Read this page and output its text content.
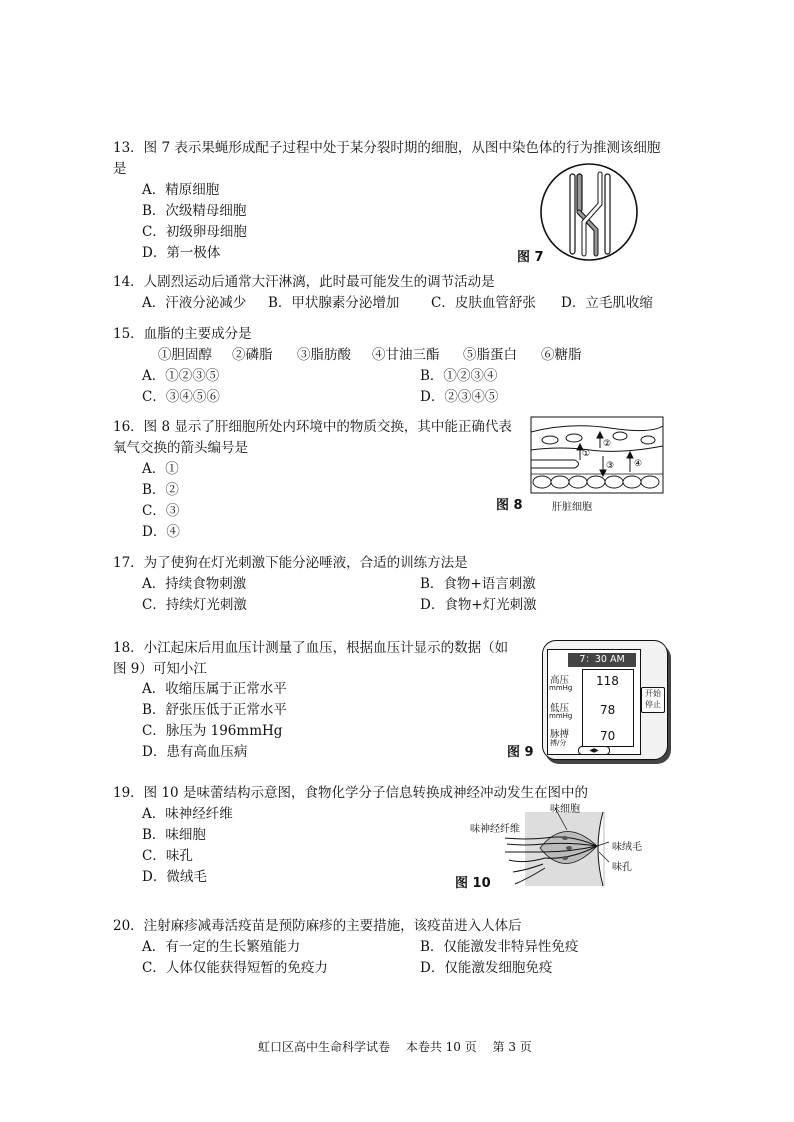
13．图 7 表示果蝇形成配子过程中处于某分裂时期的细胞，从图中染色体的行为推测该细胞
是
A．精原细胞
B．次级精母细胞
C．初级卵母细胞
D．第一极体	图 7
14．人剧烈运动后通常大汗淋漓，此时最可能发生的调节活动是
A．汗液分泌减少 B．甲状腺素分泌增加 C．皮肤血管舒张 D．立毛肌收缩
15．血脂的主要成分是
①胆固醇 ②磷脂 ③脂肪酸 ④甘油三酯 ⑤脂蛋白 ⑥糖脂
A．①②③⑤	B．①②③④
C．③④⑤⑥	D．②③④⑤
16．图 8 显示了肝细胞所处内环境中的物质交换，其中能正确代表
氧气交换的箭头编号是
A．①
B．②
C．③
D．④
①
②
③ ④
图 8	肝脏细胞
17．为了使狗在灯光刺激下能分泌唾液，合适的训练方法是
A．持续食物刺激	B．食物+语言刺激
C．持续灯光刺激	D．食物+灯光刺激
18．小江起床后用血压计测量了血压，根据血压计显示的数据（如
图 9）可知小江
A．收缩压属于正常水平
B．舒张压低于正常水平
C．脉压为 196mmHg
D．患有高血压病
7：30 AM
高压
mmHg 118
低压
mmHg 78
脉搏
搏/分	70
◀▶
开始
停止
图 9
19．图 10 是味蕾结构示意图，食物化学分子信息转换成神经冲动发生在图中的
A．味神经纤维
B．味细胞
C．味孔
D．微绒毛
味细胞
味神经纤维
味绒毛
味孔
图 10
20．注射麻疹减毒活疫苗是预防麻疹的主要措施，该疫苗进入人体后
A．有一定的生长繁殖能力	B．仅能激发非特异性免疫
C．人体仅能获得短暂的免疫力	D．仅能激发细胞免疫
虹口区高中生命科学试卷　 本卷共 10 页　 第 3 页
